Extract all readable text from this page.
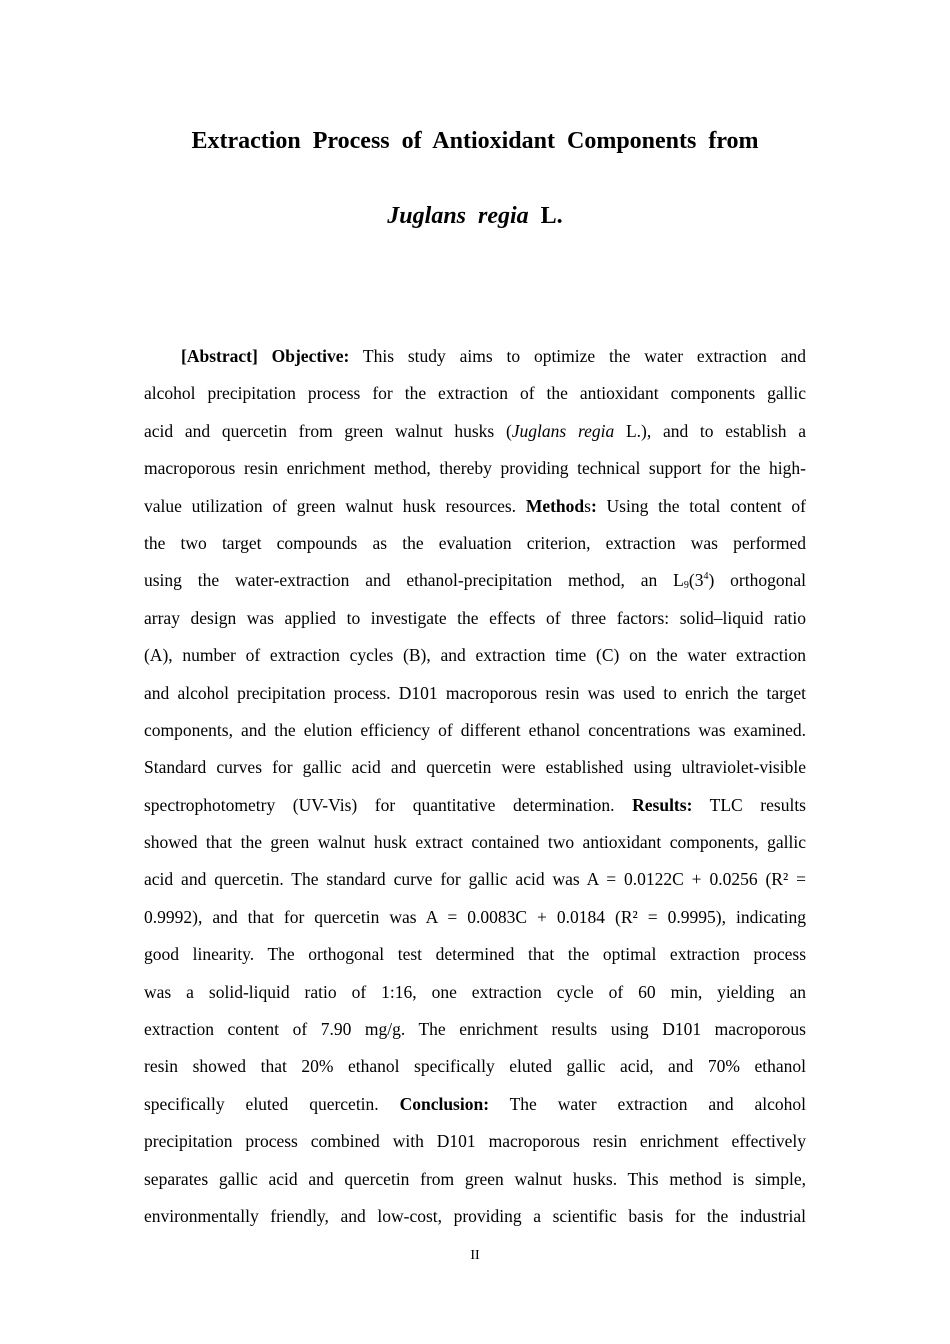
Extraction Process of Antioxidant Components from
Juglans regia L.
[Abstract] Objective: This study aims to optimize the water extraction and
alcohol precipitation process for the extraction of the antioxidant components gallic
acid and quercetin from green walnut husks (Juglans regia L.), and to establish a
macroporous resin enrichment method, thereby providing technical support for the high-
value utilization of green walnut husk resources. Methods: Using the total content of
the two target compounds as the evaluation criterion, extraction was performed
using the water-extraction and ethanol-precipitation method, an $L_9(3^4)$ orthogonal
array design was applied to investigate the effects of three factors: solid–liquid ratio
(A), number of extraction cycles (B), and extraction time (C) on the water extraction
and alcohol precipitation process. D101 macroporous resin was used to enrich the target
components, and the elution efficiency of different ethanol concentrations was examined.
Standard curves for gallic acid and quercetin were established using ultraviolet-visible
spectrophotometry (UV-Vis) for quantitative determination. Results: TLC results
showed that the green walnut husk extract contained two antioxidant components, gallic
acid and quercetin. The standard curve for gallic acid was A = 0.0122C + 0.0256 (R² =
0.9992), and that for quercetin was A = 0.0083C + 0.0184 (R² = 0.9995), indicating
good linearity. The orthogonal test determined that the optimal extraction process
was a solid-liquid ratio of 1:16, one extraction cycle of 60 min, yielding an
extraction content of 7.90 mg/g. The enrichment results using D101 macroporous
resin showed that 20% ethanol specifically eluted gallic acid, and 70% ethanol
specifically eluted quercetin. Conclusion: The water extraction and alcohol
precipitation process combined with D101 macroporous resin enrichment effectively
separates gallic acid and quercetin from green walnut husks. This method is simple,
environmentally friendly, and low-cost, providing a scientific basis for the industrial
II
